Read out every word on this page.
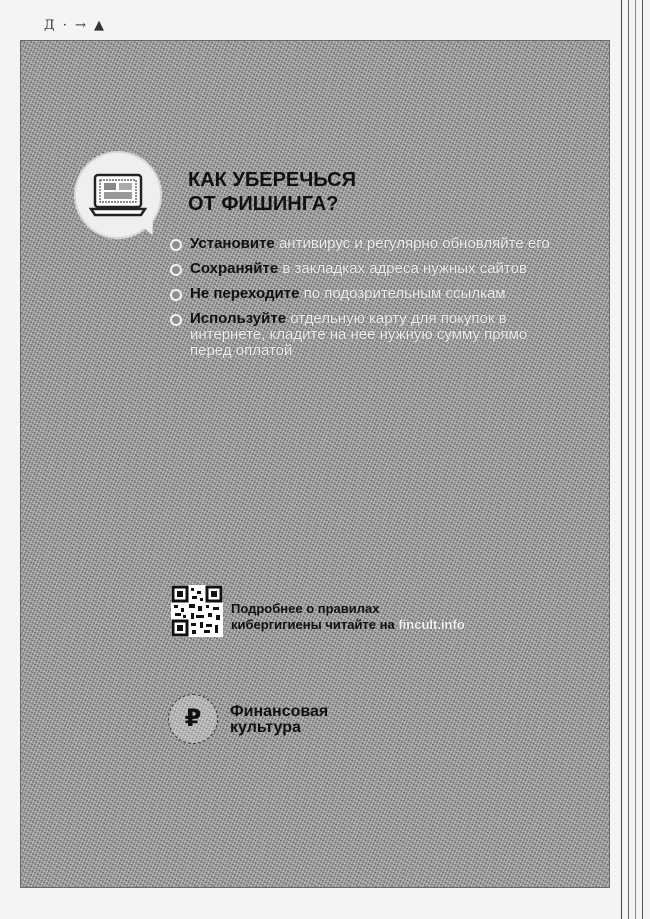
Д · → ▲
КАК УБЕРЕЧЬСЯ
ОТ ФИШИНГА?
Установите антивирус и регулярно обновляйте его
Сохраняйте в закладках адреса нужных сайтов
Не переходите по подозрительным ссылкам
Используйте отдельную карту для покупок в интернете, кладите на нее нужную сумму прямо перед оплатой
Подробнее о правилах
кибергигиены читайте на fincult.info
₽ Финансовая
культура
